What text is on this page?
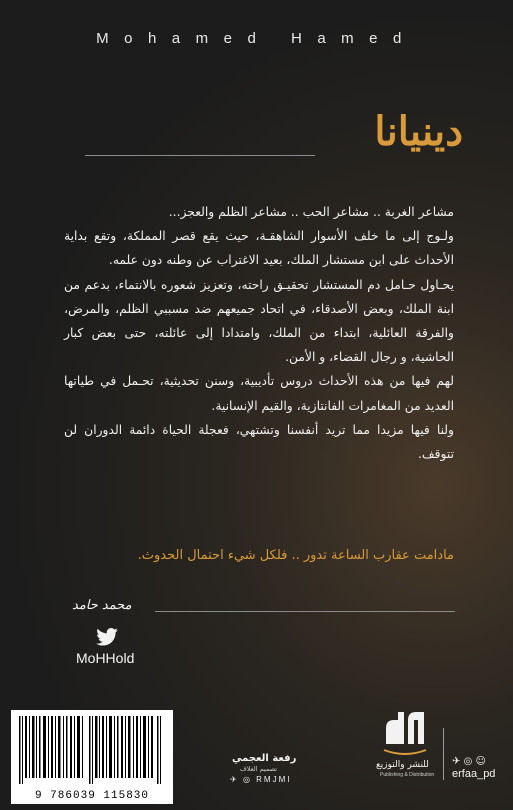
Mohamed Hamed
دينيانا

مشاعر الغربة .. مشاعر الحب .. مشاعر الظلم والعجز...

ولـوج إلى ما خلف الأسوار الشاهقـة، حيث يقع قصر المملكة، وتقع بداية الأحداث على ابن مستشار الملك، بعيد الاغتراب عن وطنه دون علمه.

يحـاول حـامل دم المستشار تحقيـق راحته، وتعزيز شعوره بالانتماء، بدعم من ابنة الملك، وبعض الأصدقاء، في اتحاد جميعهم ضد مسببي الظلم، والمرض، والفرقة العائلية، ابتداء من الملك، وامتدادا إلى عائلته، حتى بعض كبار الحاشية، و رجال القضاء، و الأمن.

لهم فيها من هذه الأحداث دروس تأديبية، وسنن تحديثية، تحـمل في طياتها العديد من المغامرات الفانتازية، والقيم الإنسانية.

ولنا فيها مزيدا مما تريد أنفسنا وتشتهي، فعجلة الحياة دائمة الدوران لن تتوقف.

مادامت عقارب الساعة تدور .. فلكل شيء احتمال الحدوث.
محمد حامد
MoHHold
9 786039 115830
رفعة العجمي
تصميم الغلاف
✈ ◎ RMJMI
للنشر والتوزيع
Publishing & Distribution
✈ ◎ ☺
erfaa_pd
